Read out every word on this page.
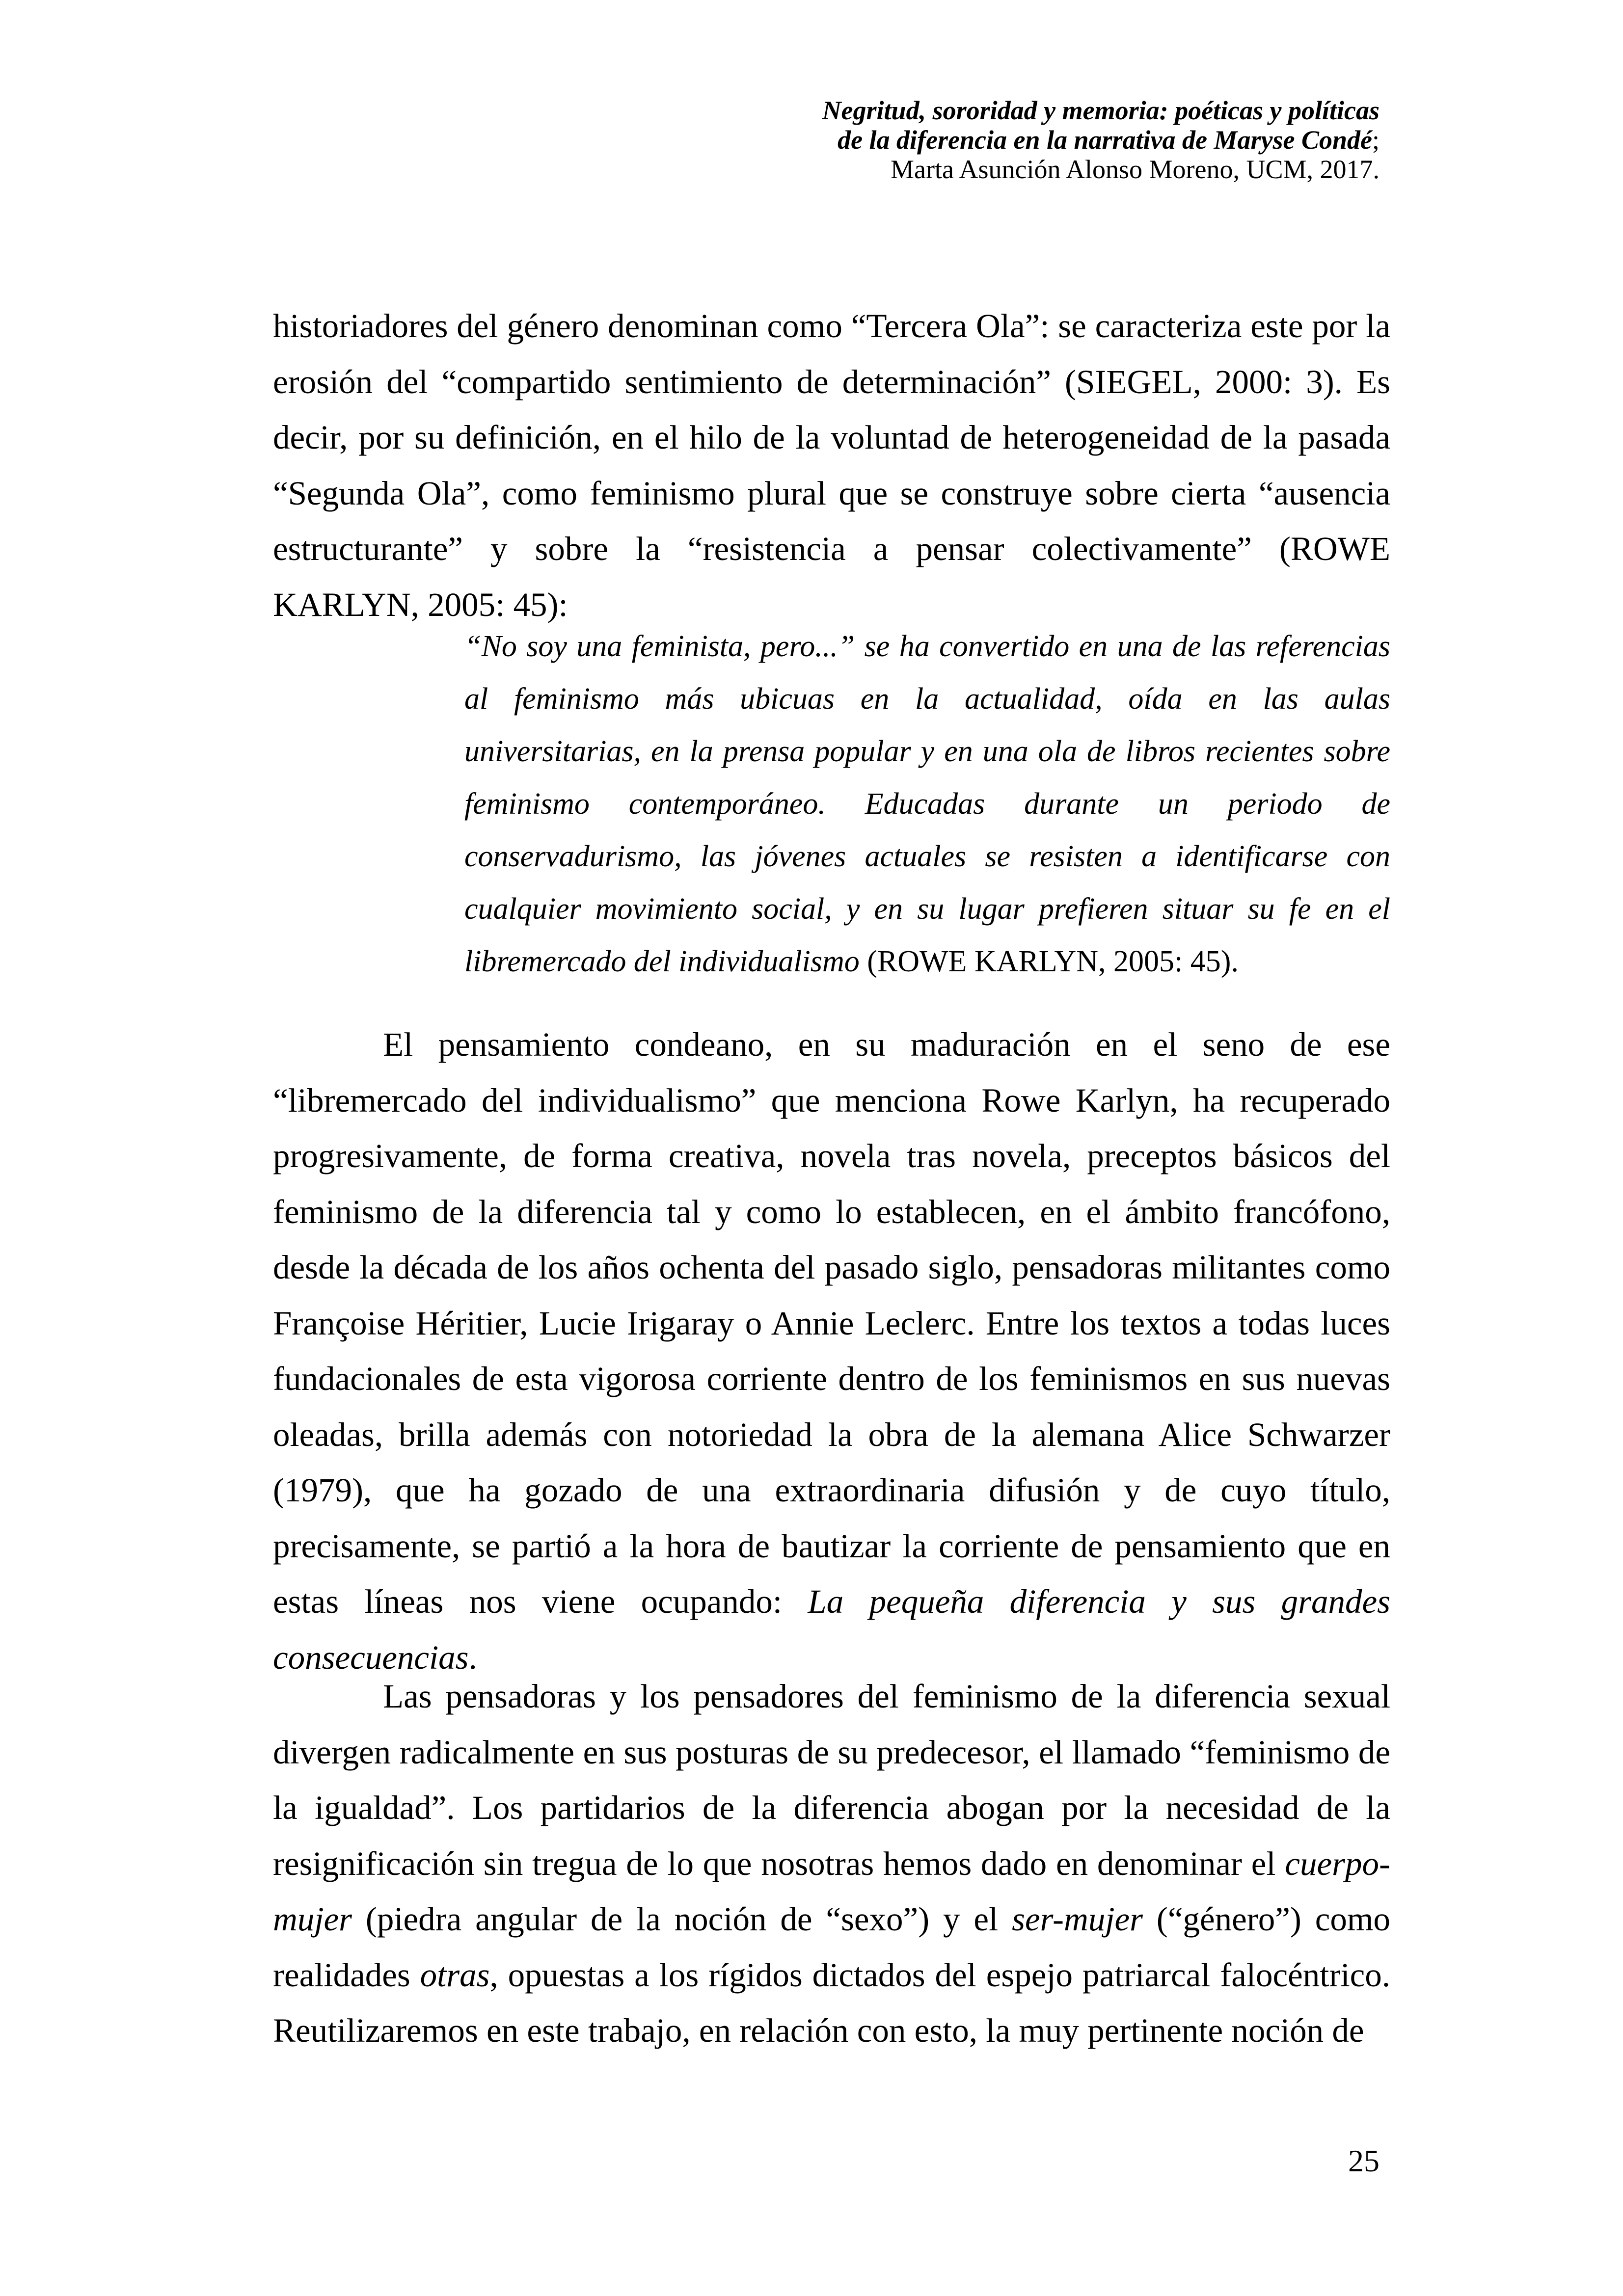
Negritud, sororidad y memoria: poéticas y políticas
de la diferencia en la narrativa de Maryse Condé;
Marta Asunción Alonso Moreno, UCM, 2017.

historiadores del género denominan como “Tercera Ola”: se caracteriza este por la erosión del “compartido sentimiento de determinación” (SIEGEL, 2000: 3). Es decir, por su definición, en el hilo de la voluntad de heterogeneidad de la pasada “Segunda Ola”, como feminismo plural que se construye sobre cierta “ausencia estructurante” y sobre la “resistencia a pensar colectivamente” (ROWE KARLYN, 2005: 45):

“No soy una feminista, pero...” se ha convertido en una de las referencias al feminismo más ubicuas en la actualidad, oída en las aulas universitarias, en la prensa popular y en una ola de libros recientes sobre feminismo contemporáneo. Educadas durante un periodo de conservadurismo, las jóvenes actuales se resisten a identificarse con cualquier movimiento social, y en su lugar prefieren situar su fe en el libremercado del individualismo (ROWE KARLYN, 2005: 45).

El pensamiento condeano, en su maduración en el seno de ese “libremercado del individualismo” que menciona Rowe Karlyn, ha recuperado progresivamente, de forma creativa, novela tras novela, preceptos básicos del feminismo de la diferencia tal y como lo establecen, en el ámbito francófono, desde la década de los años ochenta del pasado siglo, pensadoras militantes como Françoise Héritier, Lucie Irigaray o Annie Leclerc. Entre los textos a todas luces fundacionales de esta vigorosa corriente dentro de los feminismos en sus nuevas oleadas, brilla además con notoriedad la obra de la alemana Alice Schwarzer (1979), que ha gozado de una extraordinaria difusión y de cuyo título, precisamente, se partió a la hora de bautizar la corriente de pensamiento que en estas líneas nos viene ocupando: La pequeña diferencia y sus grandes consecuencias.

Las pensadoras y los pensadores del feminismo de la diferencia sexual divergen radicalmente en sus posturas de su predecesor, el llamado “feminismo de la igualdad”. Los partidarios de la diferencia abogan por la necesidad de la resignificación sin tregua de lo que nosotras hemos dado en denominar el cuerpo-mujer (piedra angular de la noción de “sexo”) y el ser-mujer (“género”) como realidades otras, opuestas a los rígidos dictados del espejo patriarcal falocéntrico. Reutilizaremos en este trabajo, en relación con esto, la muy pertinente noción de

25
